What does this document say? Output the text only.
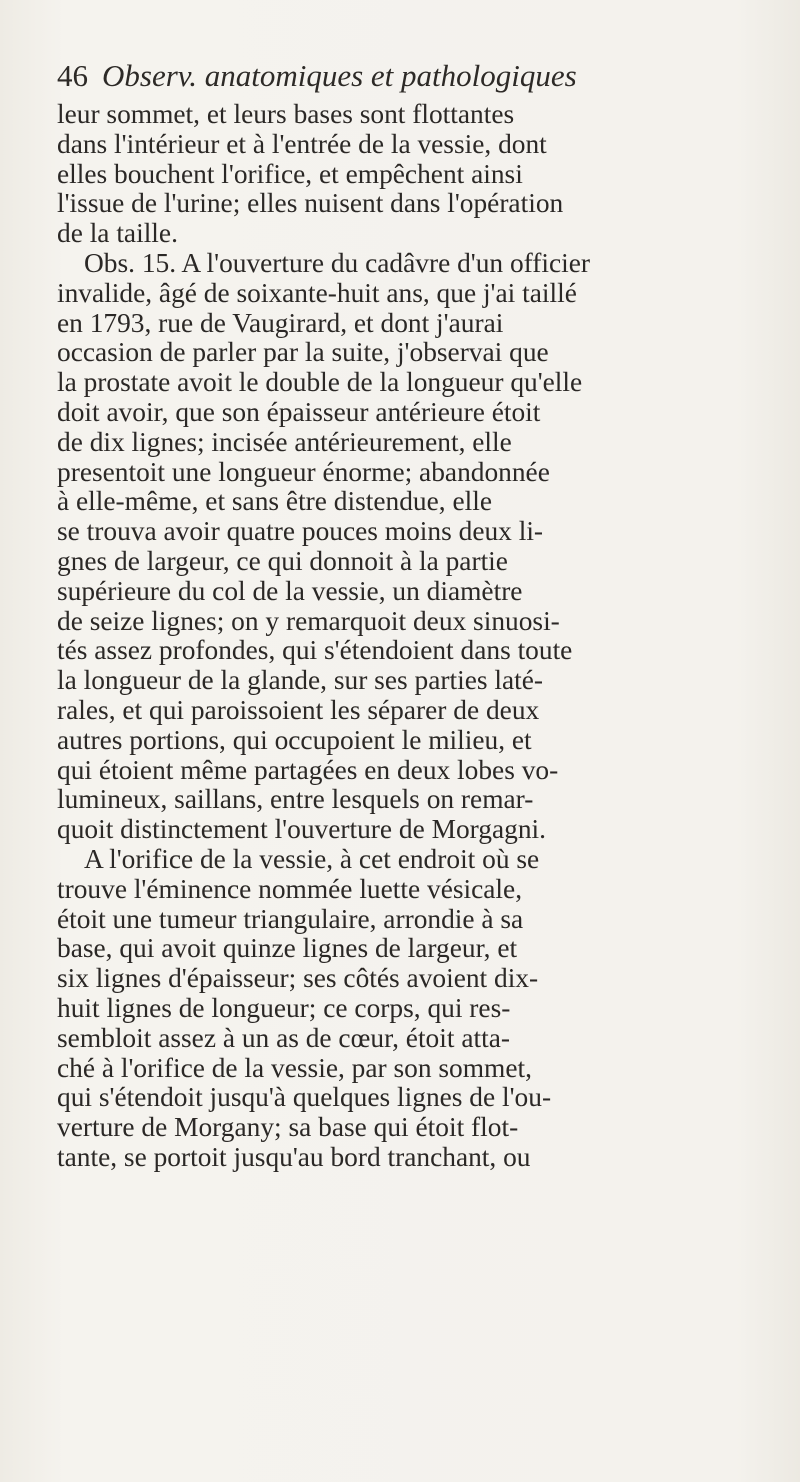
46 Observ. anatomiques et pathologiques
leur sommet, et leurs bases sont flottantes
dans l'intérieur et à l'entrée de la vessie, dont
elles bouchent l'orifice, et empêchent ainsi
l'issue de l'urine; elles nuisent dans l'opération
de la taille.
Obs. 15. A l'ouverture du cadâvre d'un officier
invalide, âgé de soixante-huit ans, que j'ai taillé
en 1793, rue de Vaugirard, et dont j'aurai
occasion de parler par la suite, j'observai que
la prostate avoit le double de la longueur qu'elle
doit avoir, que son épaisseur antérieure étoit
de dix lignes; incisée antérieurement, elle
presentoit une longueur énorme; abandonnée
à elle-même, et sans être distendue, elle
se trouva avoir quatre pouces moins deux li-
gnes de largeur, ce qui donnoit à la partie
supérieure du col de la vessie, un diamètre
de seize lignes; on y remarquoit deux sinuosi-
tés assez profondes, qui s'étendoient dans toute
la longueur de la glande, sur ses parties laté-
rales, et qui paroissoient les séparer de deux
autres portions, qui occupoient le milieu, et
qui étoient même partagées en deux lobes vo-
lumineux, saillans, entre lesquels on remar-
quoit distinctement l'ouverture de Morgagni.
A l'orifice de la vessie, à cet endroit où se
trouve l'éminence nommée luette vésicale,
étoit une tumeur triangulaire, arrondie à sa
base, qui avoit quinze lignes de largeur, et
six lignes d'épaisseur; ses côtés avoient dix-
huit lignes de longueur; ce corps, qui res-
sembloit assez à un as de cœur, étoit atta-
ché à l'orifice de la vessie, par son sommet,
qui s'étendoit jusqu'à quelques lignes de l'ou-
verture de Morgany; sa base qui étoit flot-
tante, se portoit jusqu'au bord tranchant, ou
